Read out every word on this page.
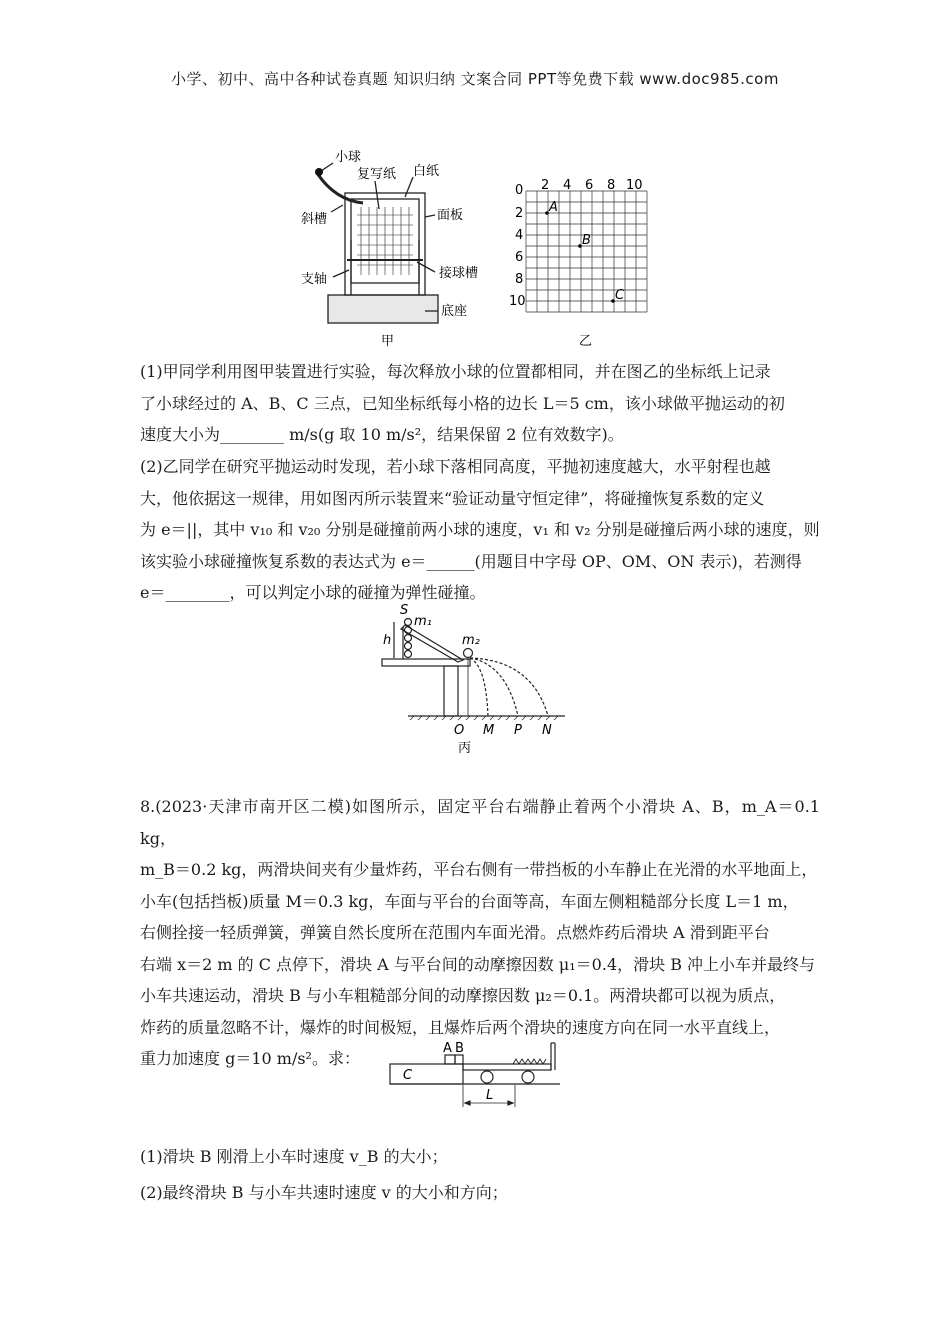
小学、初中、高中各种试卷真题 知识归纳 文案合同 PPT等免费下载 www.doc985.com
小球
复写纸 白纸
斜槽	面板
支轴	接球槽
底座
甲
2 4 6 8 10
0
2
4
6
8
10
A
B
C
乙
(1)甲同学利用图甲装置进行实验，每次释放小球的位置都相同，并在图乙的坐标纸上记录
了小球经过的 A、B、C 三点，已知坐标纸每小格的边长 L＝5 cm，该小球做平抛运动的初
速度大小为________ m/s(g 取 10 m/s²，结果保留 2 位有效数字)。
(2)乙同学在研究平抛运动时发现，若小球下落相同高度，平抛初速度越大，水平射程也越
大，他依据这一规律，用如图丙所示装置来“验证动量守恒定律”，将碰撞恢复系数的定义
为 e＝||，其中 v₁₀ 和 v₂₀ 分别是碰撞前两小球的速度，v₁ 和 v₂ 分别是碰撞后两小球的速度，则
该实验小球碰撞恢复系数的表达式为 e＝______(用题目中字母 OP、OM、ON 表示)，若测得
e＝________，可以判定小球的碰撞为弹性碰撞。
S
m₁
m₂
h
O M P N
丙
8.(2023·天津市南开区二模)如图所示，固定平台右端静止着两个小滑块 A、B，m_A＝0.1 kg，
m_B＝0.2 kg，两滑块间夹有少量炸药，平台右侧有一带挡板的小车静止在光滑的水平地面上，
小车(包括挡板)质量 M＝0.3 kg，车面与平台的台面等高，车面左侧粗糙部分长度 L＝1 m，
右侧拴接一轻质弹簧，弹簧自然长度所在范围内车面光滑。点燃炸药后滑块 A 滑到距平台
右端 x＝2 m 的 C 点停下，滑块 A 与平台间的动摩擦因数 μ₁＝0.4，滑块 B 冲上小车并最终与
小车共速运动，滑块 B 与小车粗糙部分间的动摩擦因数 μ₂＝0.1。两滑块都可以视为质点，
炸药的质量忽略不计，爆炸的时间极短，且爆炸后两个滑块的速度方向在同一水平直线上，
重力加速度 g＝10 m/s²。求：
A B
C
L
(1)滑块 B 刚滑上小车时速度 v_B 的大小；
(2)最终滑块 B 与小车共速时速度 v 的大小和方向；
